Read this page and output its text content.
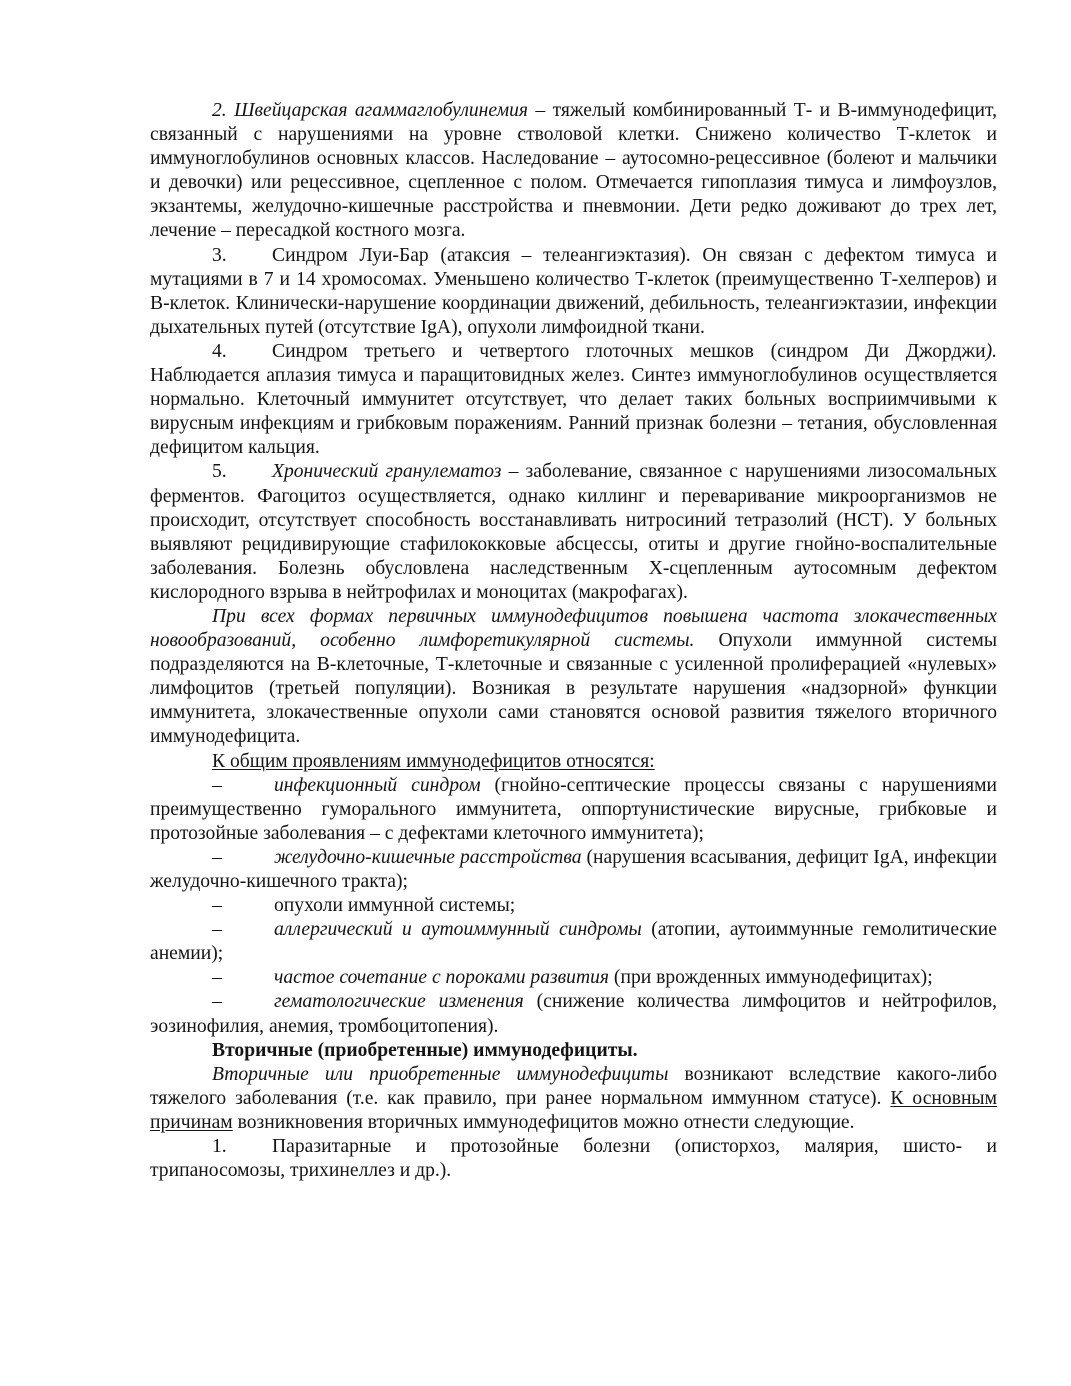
2. Швейцарская агаммаглобулинемия – тяжелый комбинированный Т- и В-иммунодефицит, связанный с нарушениями на уровне стволовой клетки. Снижено количество Т-клеток и иммуноглобулинов основных классов. Наследование – аутосомно-рецессивное (болеют и мальчики и девочки) или рецессивное, сцепленное с полом. Отмечается гипоплазия тимуса и лимфоузлов, экзантемы, желудочно-кишечные расстройства и пневмонии. Дети редко доживают до трех лет, лечение – пересадкой костного мозга.

3. Синдром Луи-Бар (атаксия – телеангиэктазия). Он связан с дефектом тимуса и мутациями в 7 и 14 хромосомах. Уменьшено количество Т-клеток (преимущественно Т-хелперов) и В-клеток. Клинически-нарушение координации движений, дебильность, телеангиэктазии, инфекции дыхательных путей (отсутствие IgA), опухоли лимфоидной ткани.

4. Синдром третьего и четвертого глоточных мешков (синдром Ди Джорджи). Наблюдается аплазия тимуса и паращитовидных желез. Синтез иммуноглобулинов осуществляется нормально. Клеточный иммунитет отсутствует, что делает таких больных восприимчивыми к вирусным инфекциям и грибковым поражениям. Ранний признак болезни – тетания, обусловленная дефицитом кальция.

5. Хронический гранулематоз – заболевание, связанное с нарушениями лизосомальных ферментов. Фагоцитоз осуществляется, однако киллинг и переваривание микроорганизмов не происходит, отсутствует способность восстанавливать нитросиний тетразолий (НСТ). У больных выявляют рецидивирующие стафилококковые абсцессы, отиты и другие гнойно-воспалительные заболевания. Болезнь обусловлена наследственным Х-сцепленным аутосомным дефектом кислородного взрыва в нейтрофилах и моноцитах (макрофагах).

При всех формах первичных иммунодефицитов повышена частота злокачественных новообразований, особенно лимфоретикулярной системы. Опухоли иммунной системы подразделяются на В-клеточные, Т-клеточные и связанные с усиленной пролиферацией «нулевых» лимфоцитов (третьей популяции). Возникая в результате нарушения «надзорной» функции иммунитета, злокачественные опухоли сами становятся основой развития тяжелого вторичного иммунодефицита.

К общим проявлениям иммунодефицитов относятся:

–	инфекционный синдром (гнойно-септические процессы связаны с нарушениями преимущественно гуморального иммунитета, оппортунистические вирусные, грибковые и протозойные заболевания – с дефектами клеточного иммунитета);

–	желудочно-кишечные расстройства (нарушения всасывания, дефицит IgA, инфекции желудочно-кишечного тракта);

–	опухоли иммунной системы;

–	аллергический и аутоиммунный синдромы (атопии, аутоиммунные гемолитические анемии);

–	частое сочетание с пороками развития (при врожденных иммунодефицитах);

–	гематологические изменения (снижение количества лимфоцитов и нейтрофилов, эозинофилия, анемия, тромбоцитопения).

Вторичные (приобретенные) иммунодефициты.

Вторичные или приобретенные иммунодефициты возникают вследствие какого-либо тяжелого заболевания (т.е. как правило, при ранее нормальном иммунном статусе). К основным причинам возникновения вторичных иммунодефицитов можно отнести следующие.

1. Паразитарные и протозойные болезни (описторхоз, малярия, шисто- и трипаносомозы, трихинеллез и др.).
